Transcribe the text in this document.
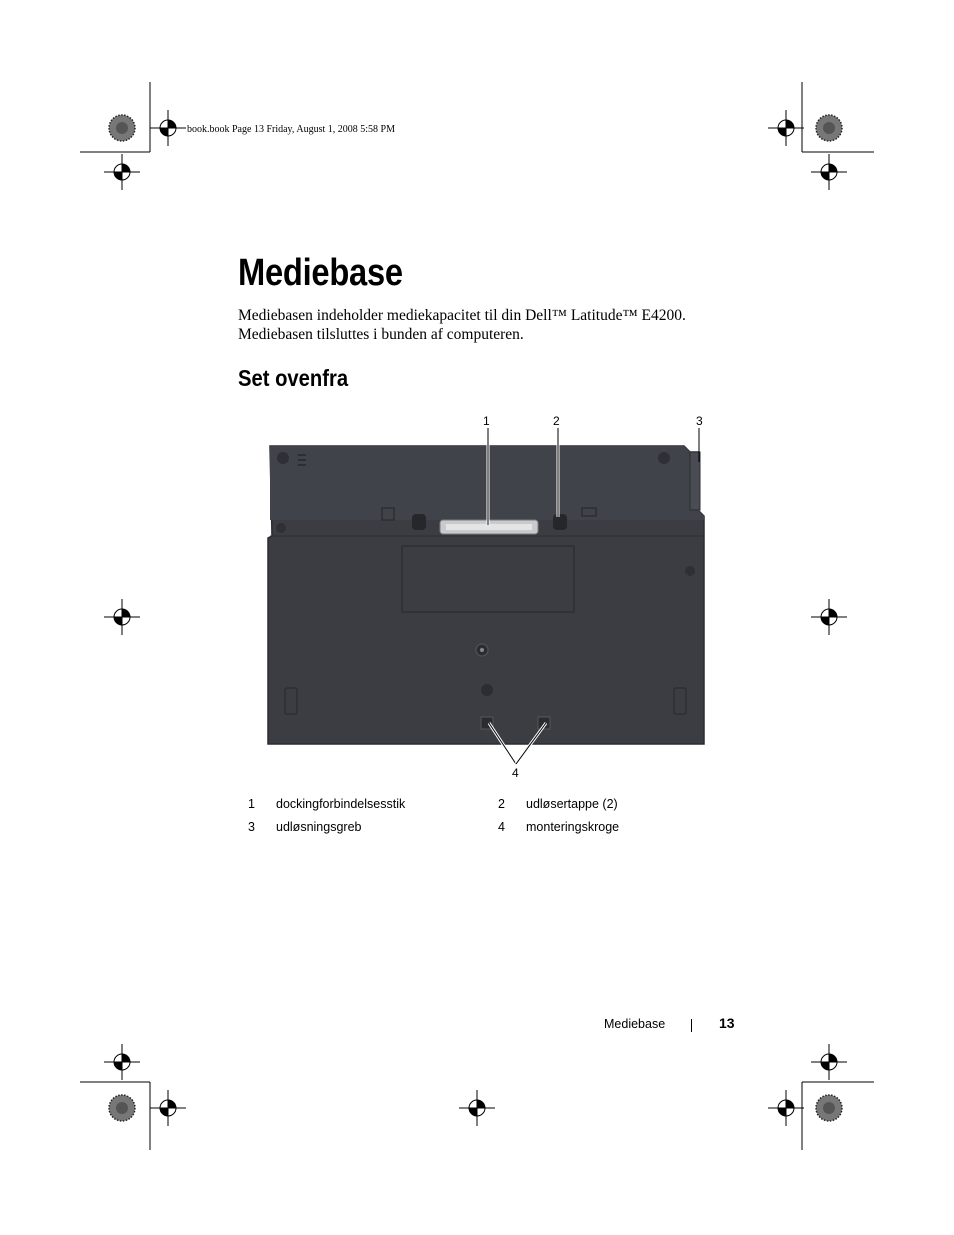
book.book Page 13 Friday, August 1, 2008 5:58 PM
Mediebase
Mediebasen indeholder mediekapacitet til din Dell™ Latitude™ E4200.
Mediebasen tilsluttes i bunden af computeren.
Set ovenfra
1	2	3
4
1 dockingforbindelsesstik	2 udløsertappe (2)
3 udløsningsgreb	4 monteringskroge
Mediebase	13
